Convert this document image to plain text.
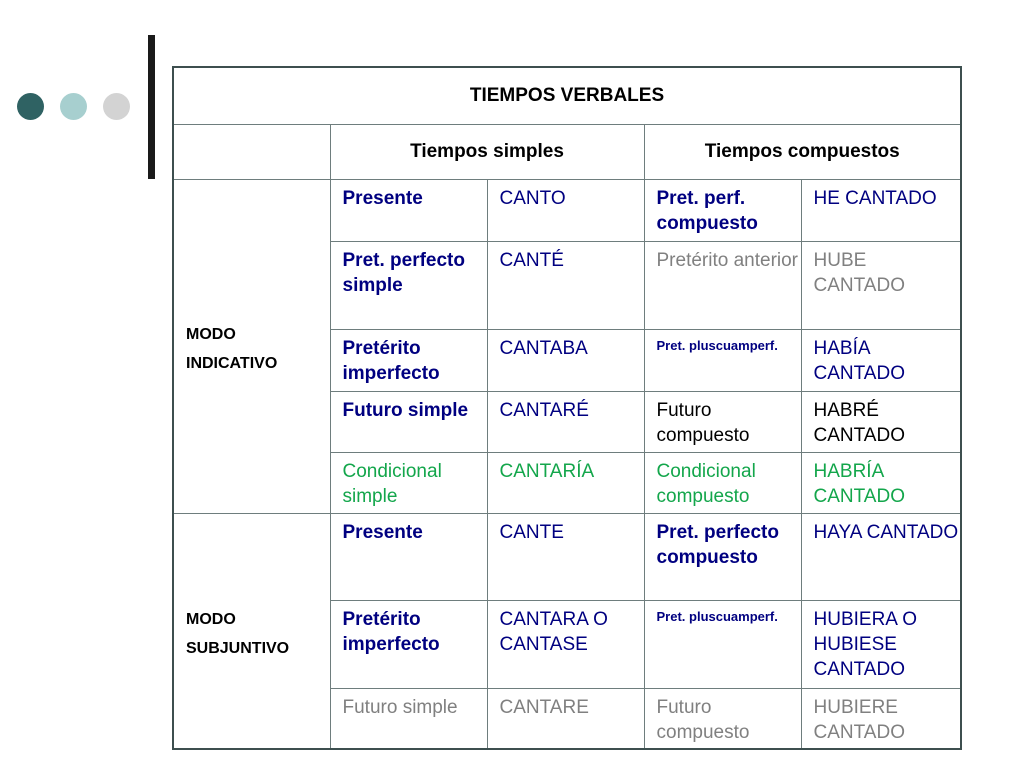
TIEMPOS VERBALES				
	Tiempos simples		Tiempos compuestos	
MODO
INDICATIVO	Presente	CANTO	Pret. perf. compuesto	HE CANTADO
	Pret. perfecto simple	CANTÉ	Pretérito anterior	HUBE CANTADO
	Pretérito imperfecto	CANTABA	Pret. pluscuamperf.	HABÍA CANTADO
	Futuro simple	CANTARÉ	Futuro compuesto	HABRÉ CANTADO
	Condicional simple	CANTARÍA	Condicional compuesto	HABRÍA CANTADO
MODO
SUBJUNTIVO	Presente	CANTE	Pret. perfecto compuesto	HAYA CANTADO
	Pretérito imperfecto	CANTARA O CANTASE	Pret. pluscuamperf.	HUBIERA O HUBIESE CANTADO
	Futuro simple	CANTARE	Futuro compuesto	HUBIERE CANTADO
